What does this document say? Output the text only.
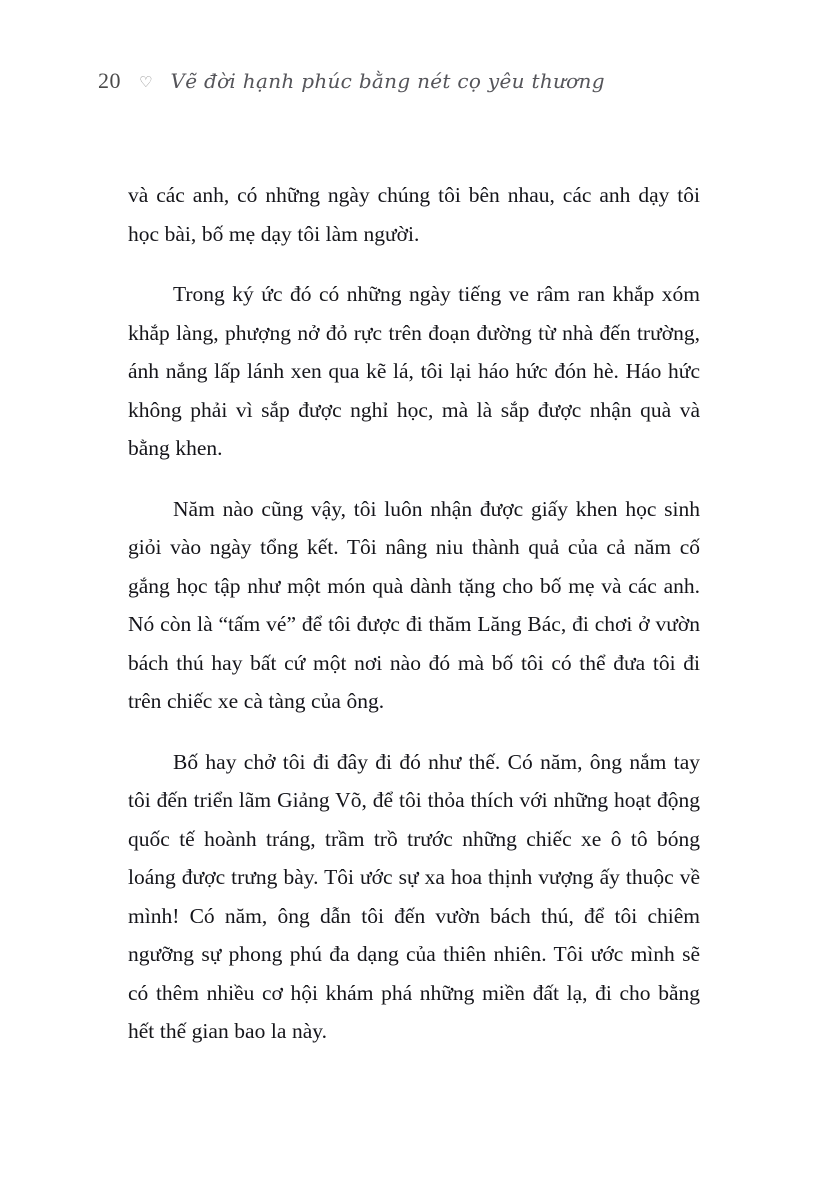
20 ♡ Vẽ đời hạnh phúc bằng nét cọ yêu thương

và các anh, có những ngày chúng tôi bên nhau, các anh dạy tôi học bài, bố mẹ dạy tôi làm người.

Trong ký ức đó có những ngày tiếng ve râm ran khắp xóm khắp làng, phượng nở đỏ rực trên đoạn đường từ nhà đến trường, ánh nắng lấp lánh xen qua kẽ lá, tôi lại háo hức đón hè. Háo hức không phải vì sắp được nghỉ học, mà là sắp được nhận quà và bằng khen.

Năm nào cũng vậy, tôi luôn nhận được giấy khen học sinh giỏi vào ngày tổng kết. Tôi nâng niu thành quả của cả năm cố gắng học tập như một món quà dành tặng cho bố mẹ và các anh. Nó còn là “tấm vé” để tôi được đi thăm Lăng Bác, đi chơi ở vườn bách thú hay bất cứ một nơi nào đó mà bố tôi có thể đưa tôi đi trên chiếc xe cà tàng của ông.

Bố hay chở tôi đi đây đi đó như thế. Có năm, ông nắm tay tôi đến triển lãm Giảng Võ, để tôi thỏa thích với những hoạt động quốc tế hoành tráng, trầm trồ trước những chiếc xe ô tô bóng loáng được trưng bày. Tôi ước sự xa hoa thịnh vượng ấy thuộc về mình! Có năm, ông dẫn tôi đến vườn bách thú, để tôi chiêm ngưỡng sự phong phú đa dạng của thiên nhiên. Tôi ước mình sẽ có thêm nhiều cơ hội khám phá những miền đất lạ, đi cho bằng hết thế gian bao la này.
